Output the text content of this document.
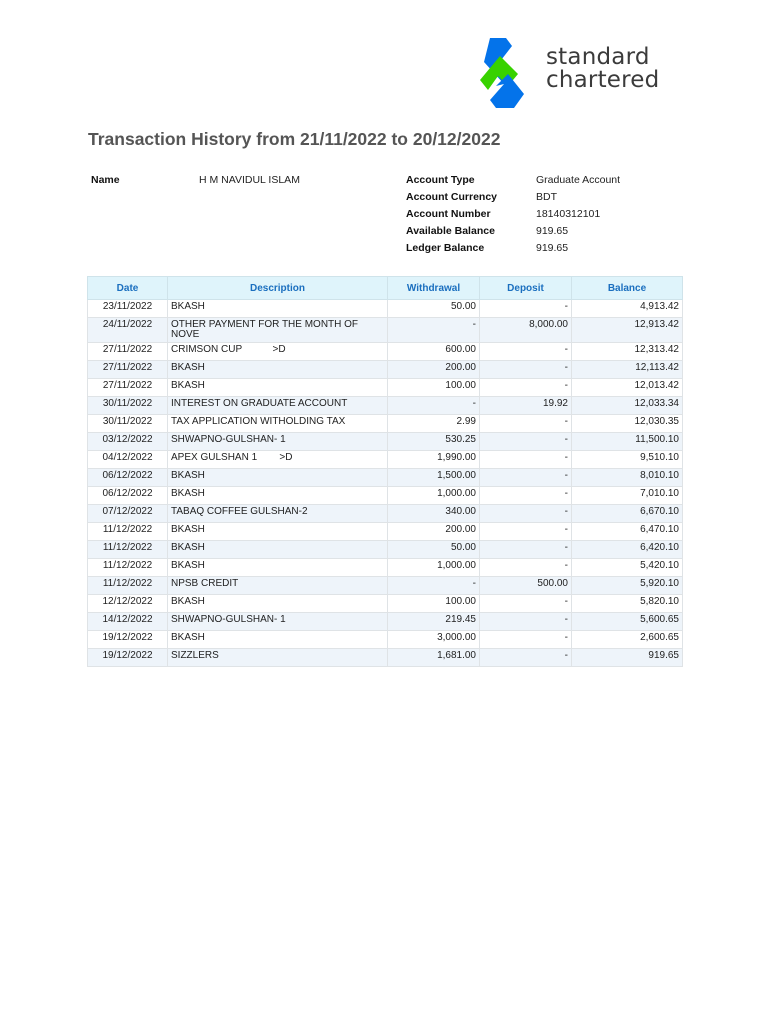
standard
chartered
Transaction History from 21/11/2022 to 20/12/2022
Name	H M NAVIDUL ISLAM	Account Type	Graduate Account
Account Currency	BDT
Account Number	18140312101
Available Balance	919.65
Ledger Balance	919.65
Date	Description	Withdrawal	Deposit	Balance
23/11/2022	BKASH	50.00	-	4,913.42
24/11/2022	OTHER PAYMENT FOR THE MONTH OF NOVE	-	8,000.00	12,913.42
27/11/2022	CRIMSON CUP           >D	600.00	-	12,313.42
27/11/2022	BKASH	200.00	-	12,113.42
27/11/2022	BKASH	100.00	-	12,013.42
30/11/2022	INTEREST ON GRADUATE ACCOUNT	-	19.92	12,033.34
30/11/2022	TAX APPLICATION WITHOLDING TAX	2.99	-	12,030.35
03/12/2022	SHWAPNO-GULSHAN- 1	530.25	-	11,500.10
04/12/2022	APEX GULSHAN 1        >D	1,990.00	-	9,510.10
06/12/2022	BKASH	1,500.00	-	8,010.10
06/12/2022	BKASH	1,000.00	-	7,010.10
07/12/2022	TABAQ COFFEE GULSHAN-2	340.00	-	6,670.10
11/12/2022	BKASH	200.00	-	6,470.10
11/12/2022	BKASH	50.00	-	6,420.10
11/12/2022	BKASH	1,000.00	-	5,420.10
11/12/2022	NPSB CREDIT	-	500.00	5,920.10
12/12/2022	BKASH	100.00	-	5,820.10
14/12/2022	SHWAPNO-GULSHAN- 1	219.45	-	5,600.65
19/12/2022	BKASH	3,000.00	-	2,600.65
19/12/2022	SIZZLERS	1,681.00	-	919.65
